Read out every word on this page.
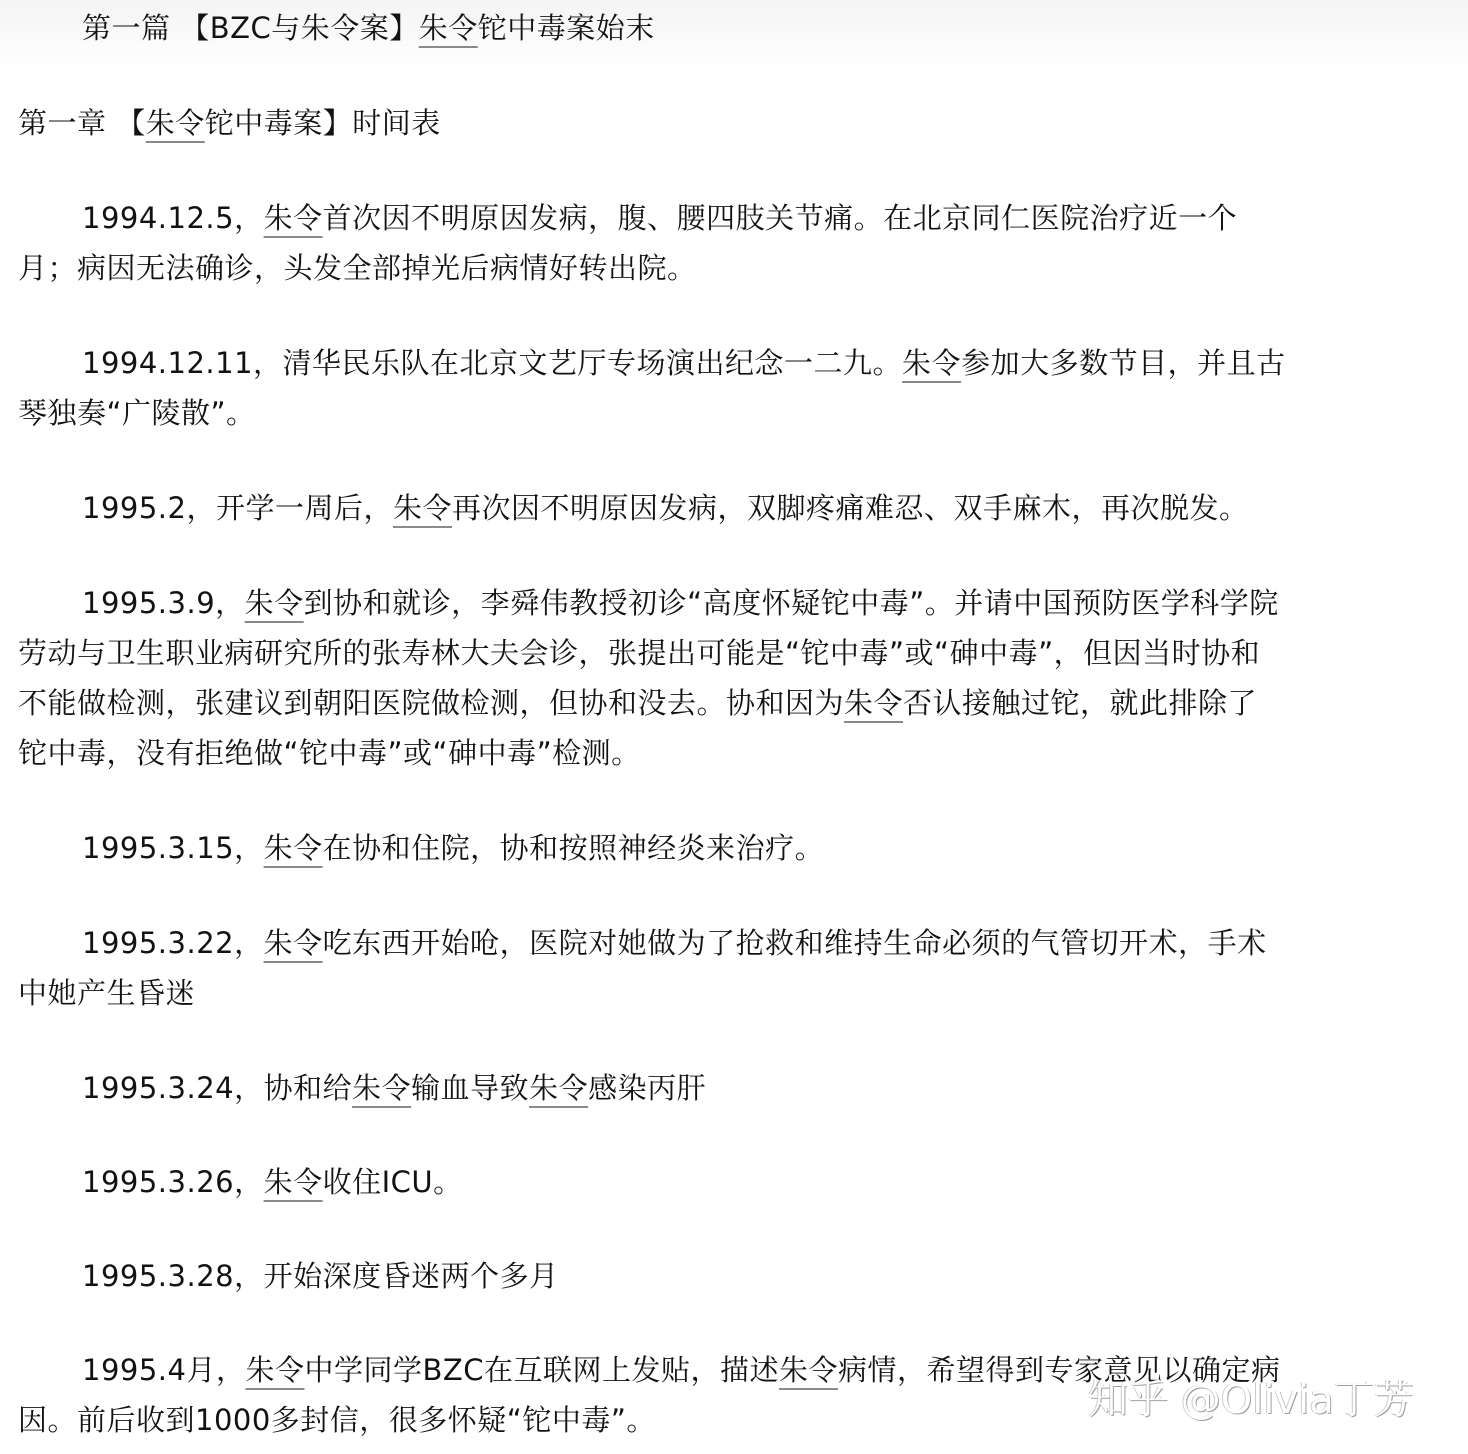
第一篇 【BZC与朱令案】朱令铊中毒案始末
第一章 【朱令铊中毒案】时间表
1994.12.5，朱令首次因不明原因发病，腹、腰四肢关节痛。在北京同仁医院治疗近一个
月；病因无法确诊，头发全部掉光后病情好转出院。
1994.12.11，清华民乐队在北京文艺厅专场演出纪念一二九。朱令参加大多数节目，并且古
琴独奏“广陵散”。
1995.2，开学一周后，朱令再次因不明原因发病，双脚疼痛难忍、双手麻木，再次脱发。
1995.3.9，朱令到协和就诊，李舜伟教授初诊“高度怀疑铊中毒”。并请中国预防医学科学院
劳动与卫生职业病研究所的张寿林大夫会诊，张提出可能是“铊中毒”或“砷中毒”，但因当时协和
不能做检测，张建议到朝阳医院做检测，但协和没去。协和因为朱令否认接触过铊，就此排除了
铊中毒，没有拒绝做“铊中毒”或“砷中毒”检测。
1995.3.15，朱令在协和住院，协和按照神经炎来治疗。
1995.3.22，朱令吃东西开始呛，医院对她做为了抢救和维持生命必须的气管切开术，手术
中她产生昏迷
1995.3.24，协和给朱令输血导致朱令感染丙肝
1995.3.26，朱令收住ICU。
1995.3.28，开始深度昏迷两个多月
1995.4月，朱令中学同学BZC在互联网上发贴，描述朱令病情，希望得到专家意见以确定病
因。前后收到1000多封信，很多怀疑“铊中毒”。	知乎 @Olivia丁芳
